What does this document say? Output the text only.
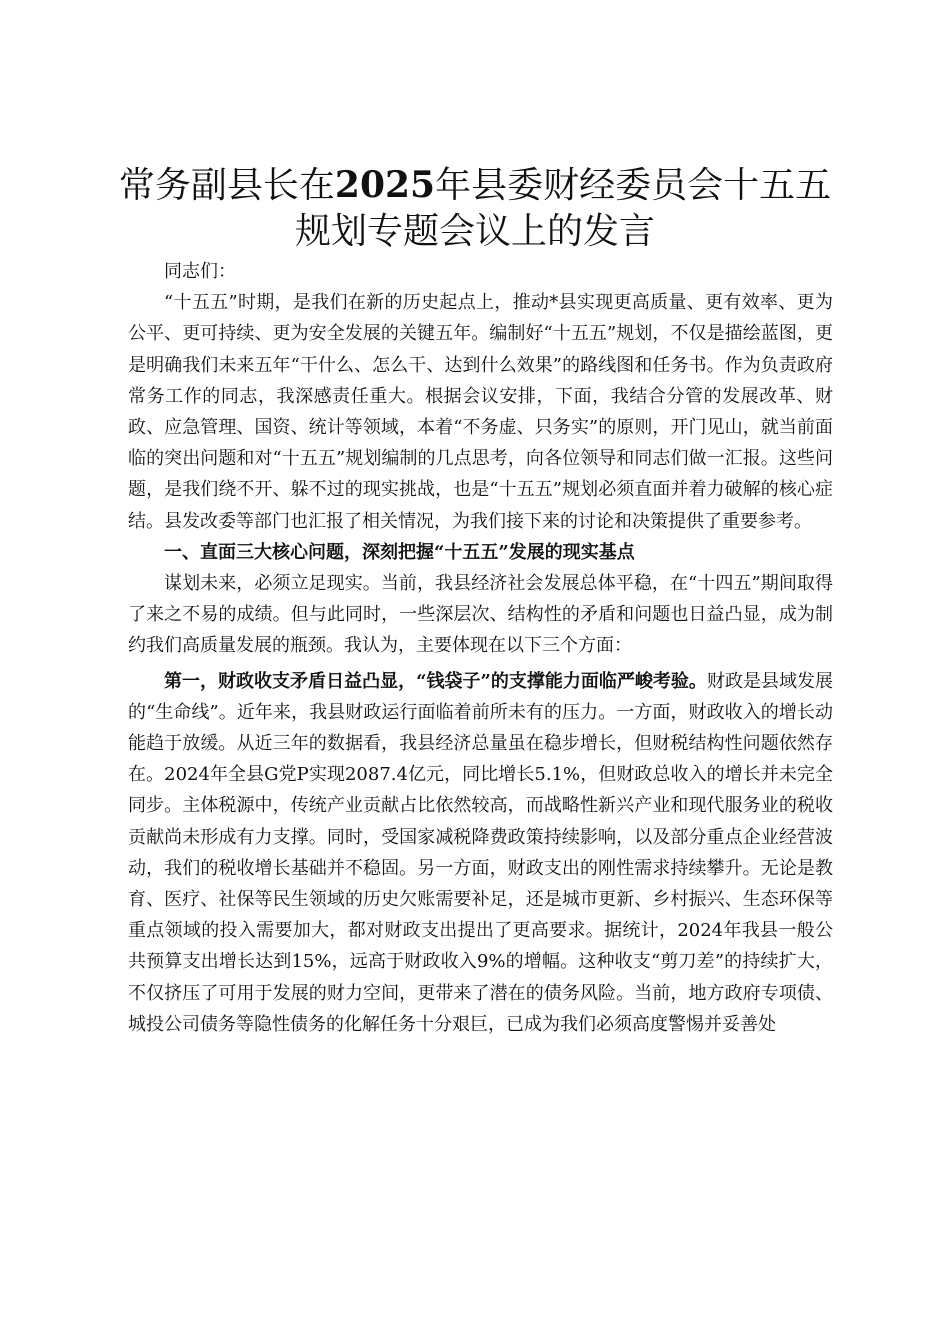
常务副县长在2025年县委财经委员会十五五
规划专题会议上的发言

同志们：

“十五五”时期，是我们在新的历史起点上，推动*县实现更高质量、更有效率、更为公平、更可持续、更为安全发展的关键五年。编制好“十五五”规划，不仅是描绘蓝图，更是明确我们未来五年“干什么、怎么干、达到什么效果”的路线图和任务书。作为负责政府常务工作的同志，我深感责任重大。根据会议安排，下面，我结合分管的发展改革、财政、应急管理、国资、统计等领域，本着“不务虚、只务实”的原则，开门见山，就当前面临的突出问题和对“十五五”规划编制的几点思考，向各位领导和同志们做一汇报。这些问题，是我们绕不开、躲不过的现实挑战，也是“十五五”规划必须直面并着力破解的核心症结。县发改委等部门也汇报了相关情况，为我们接下来的讨论和决策提供了重要参考。

一、直面三大核心问题，深刻把握“十五五”发展的现实基点

谋划未来，必须立足现实。当前，我县经济社会发展总体平稳，在“十四五”期间取得了来之不易的成绩。但与此同时，一些深层次、结构性的矛盾和问题也日益凸显，成为制约我们高质量发展的瓶颈。我认为，主要体现在以下三个方面：

第一，财政收支矛盾日益凸显，“钱袋子”的支撑能力面临严峻考验。财政是县域发展的“生命线”。近年来，我县财政运行面临着前所未有的压力。一方面，财政收入的增长动能趋于放缓。从近三年的数据看，我县经济总量虽在稳步增长，但财税结构性问题依然存在。2024年全县G党P实现2087.4亿元，同比增长5.1%，但财政总收入的增长并未完全同步。主体税源中，传统产业贡献占比依然较高，而战略性新兴产业和现代服务业的税收贡献尚未形成有力支撑。同时，受国家减税降费政策持续影响，以及部分重点企业经营波动，我们的税收增长基础并不稳固。另一方面，财政支出的刚性需求持续攀升。无论是教育、医疗、社保等民生领域的历史欠账需要补足，还是城市更新、乡村振兴、生态环保等重点领域的投入需要加大，都对财政支出提出了更高要求。据统计，2024年我县一般公共预算支出增长达到15%，远高于财政收入9%的增幅。这种收支“剪刀差”的持续扩大，不仅挤压了可用于发展的财力空间，更带来了潜在的债务风险。当前，地方政府专项债、城投公司债务等隐性债务的化解任务十分艰巨，已成为我们必须高度警惕并妥善处
